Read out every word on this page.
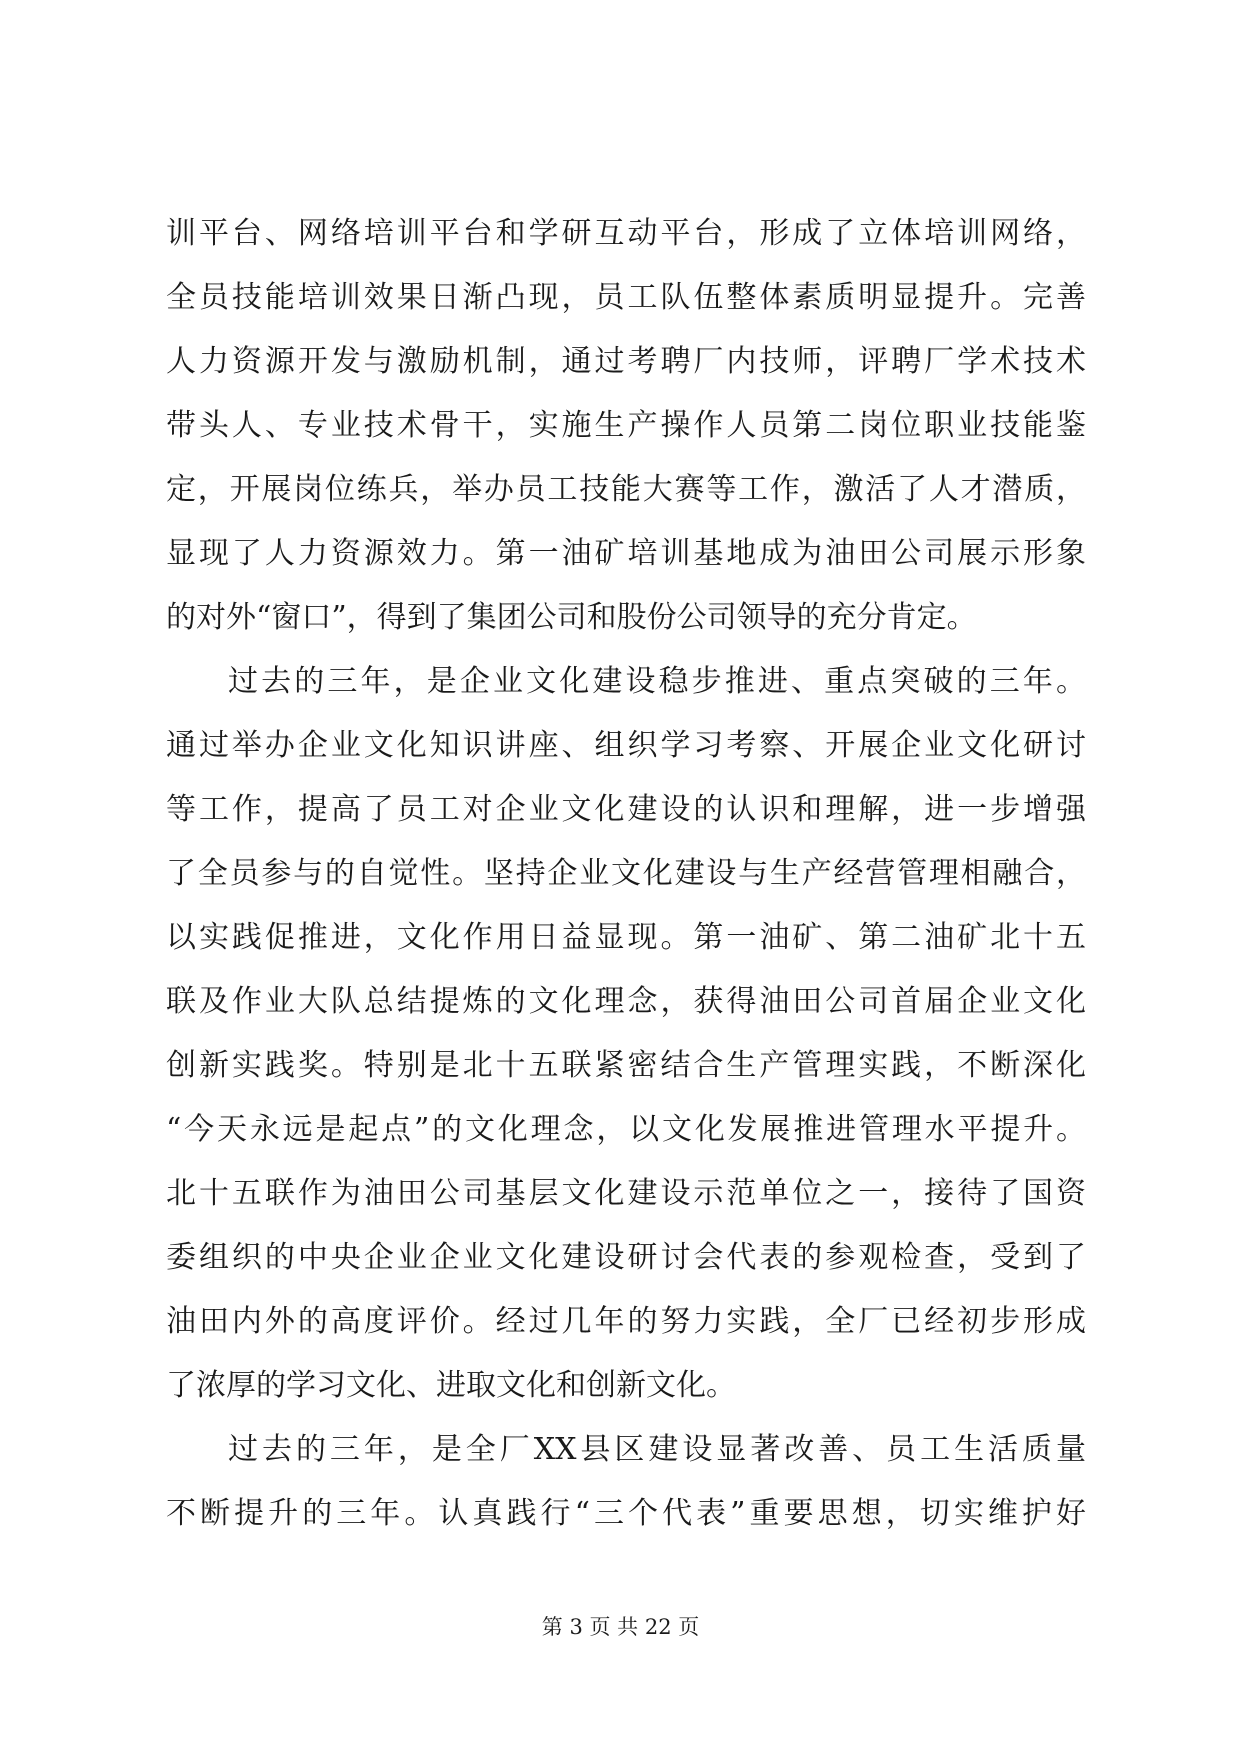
训平台、网络培训平台和学研互动平台，形成了立体培训网络，
全员技能培训效果日渐凸现，员工队伍整体素质明显提升。完善
人力资源开发与激励机制，通过考聘厂内技师，评聘厂学术技术
带头人、专业技术骨干，实施生产操作人员第二岗位职业技能鉴
定，开展岗位练兵，举办员工技能大赛等工作，激活了人才潜质，
显现了人力资源效力。第一油矿培训基地成为油田公司展示形象
的对外“窗口”，得到了集团公司和股份公司领导的充分肯定。
过去的三年，是企业文化建设稳步推进、重点突破的三年。
通过举办企业文化知识讲座、组织学习考察、开展企业文化研讨
等工作，提高了员工对企业文化建设的认识和理解，进一步增强
了全员参与的自觉性。坚持企业文化建设与生产经营管理相融合，
以实践促推进，文化作用日益显现。第一油矿、第二油矿北十五
联及作业大队总结提炼的文化理念，获得油田公司首届企业文化
创新实践奖。特别是北十五联紧密结合生产管理实践，不断深化
“今天永远是起点”的文化理念，以文化发展推进管理水平提升。
北十五联作为油田公司基层文化建设示范单位之一，接待了国资
委组织的中央企业企业文化建设研讨会代表的参观检查，受到了
油田内外的高度评价。经过几年的努力实践，全厂已经初步形成
了浓厚的学习文化、进取文化和创新文化。
过去的三年，是全厂XX县区建设显著改善、员工生活质量
不断提升的三年。认真践行“三个代表”重要思想，切实维护好
第 3 页 共 22 页
